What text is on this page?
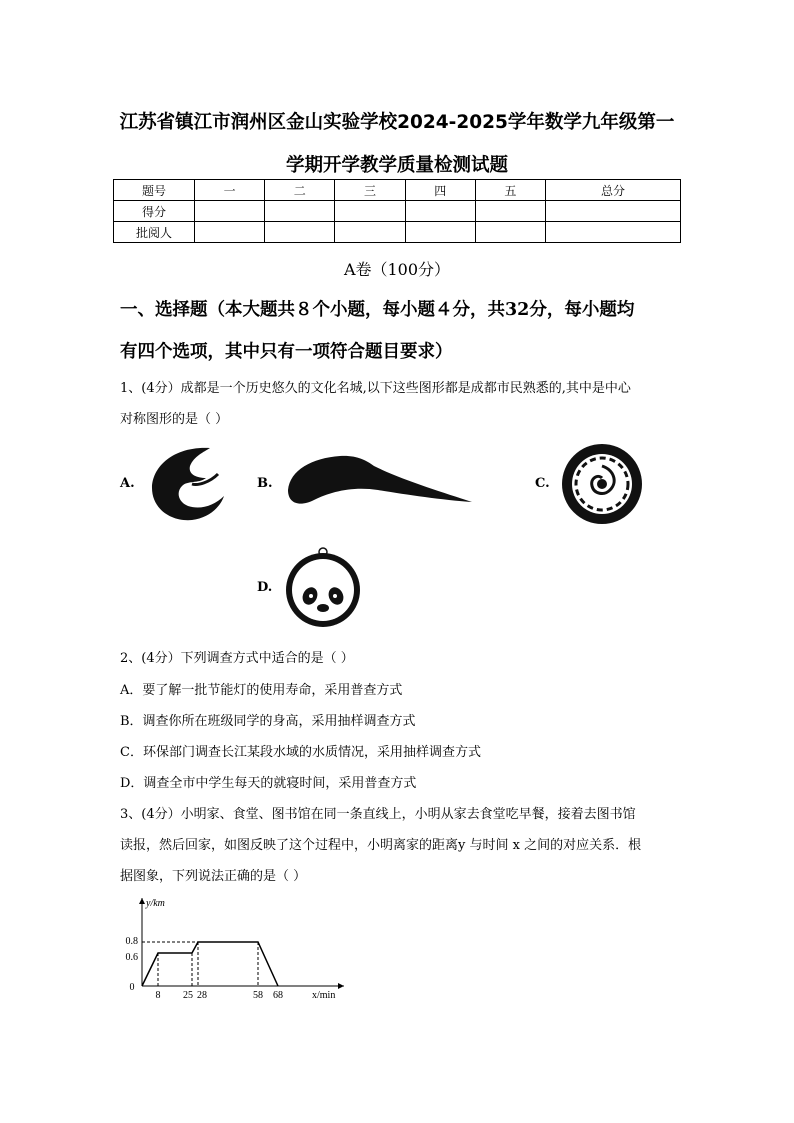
江苏省镇江市润州区金山实验学校2024-2025学年数学九年级第一
学期开学教学质量检测试题
题号	一	二	三	四	五	总分
得分						
批阅人						
A卷（100分）
一、选择题（本大题共８个小题，每小题４分，共32分，每小题均
有四个选项，其中只有一项符合题目要求）
1、(4分）成都是一个历史悠久的文化名城,以下这些图形都是成都市民熟悉的,其中是中心
对称图形的是（ ）
A.	B.	C.
D.
2、(4分）下列调查方式中适合的是（ ）
A．要了解一批节能灯的使用寿命，采用普查方式
B．调查你所在班级同学的身高，采用抽样调查方式
C．环保部门调查长江某段水域的水质情况，采用抽样调查方式
D．调查全市中学生每天的就寝时间，采用普查方式
3、(4分）小明家、食堂、图书馆在同一条直线上，小明从家去食堂吃早餐，接着去图书馆
读报，然后回家，如图反映了这个过程中，小明离家的距离y 与时间 x 之间的对应关系．根
据图象，下列说法正确的是（ ）
8 25 28	58 68
0.8
0.6
0
y/km
x/min
